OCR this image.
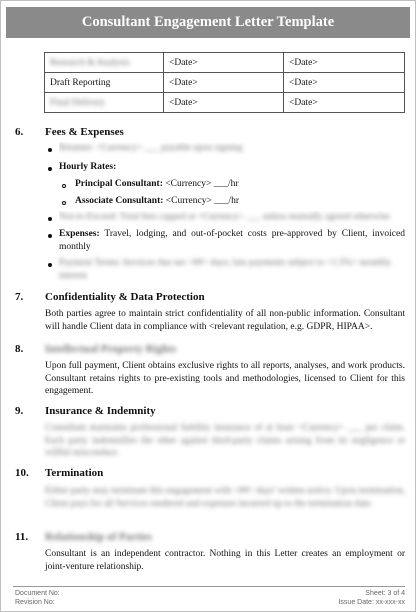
Consultant Engagement Letter Template
Research & Analysis	<Date>	<Date>
Draft Reporting	<Date>	<Date>
Final Delivery	<Date>	<Date>
6. Fees & Expenses
Retainer: <Currency> ___ payable upon signing
Hourly Rates:
Principal Consultant: <Currency> ___/hr
Associate Consultant: <Currency> ___/hr
Not-to-Exceed: Total fees capped at <Currency> ___ unless mutually agreed otherwise
Expenses: Travel, lodging, and out-of-pocket costs pre-approved by Client, invoiced monthly
Payment Terms: Invoices due net <##> days; late payments subject to <1.5%> monthly interest
7. Confidentiality & Data Protection
Both parties agree to maintain strict confidentiality of all non-public information. Consultant will handle Client data in compliance with <relevant regulation, e.g. GDPR, HIPAA>.
8. Intellectual Property Rights
Upon full payment, Client obtains exclusive rights to all reports, analyses, and work products. Consultant retains rights to pre-existing tools and methodologies, licensed to Client for this engagement.
9. Insurance & Indemnity
Consultant maintains professional liability insurance of at least <Currency> ___ per claim. Each party indemnifies the other against third-party claims arising from its negligence or willful misconduct.
10. Termination
Either party may terminate this engagement with <##> days' written notice. Upon termination, Client pays for all Services rendered and expenses incurred up to the termination date.
11. Relationship of Parties
Consultant is an independent contractor. Nothing in this Letter creates an employment or joint-venture relationship.
Document No:
Revision No:
Sheet: 3 of 4
Issue Date: xx-xxx-xx
